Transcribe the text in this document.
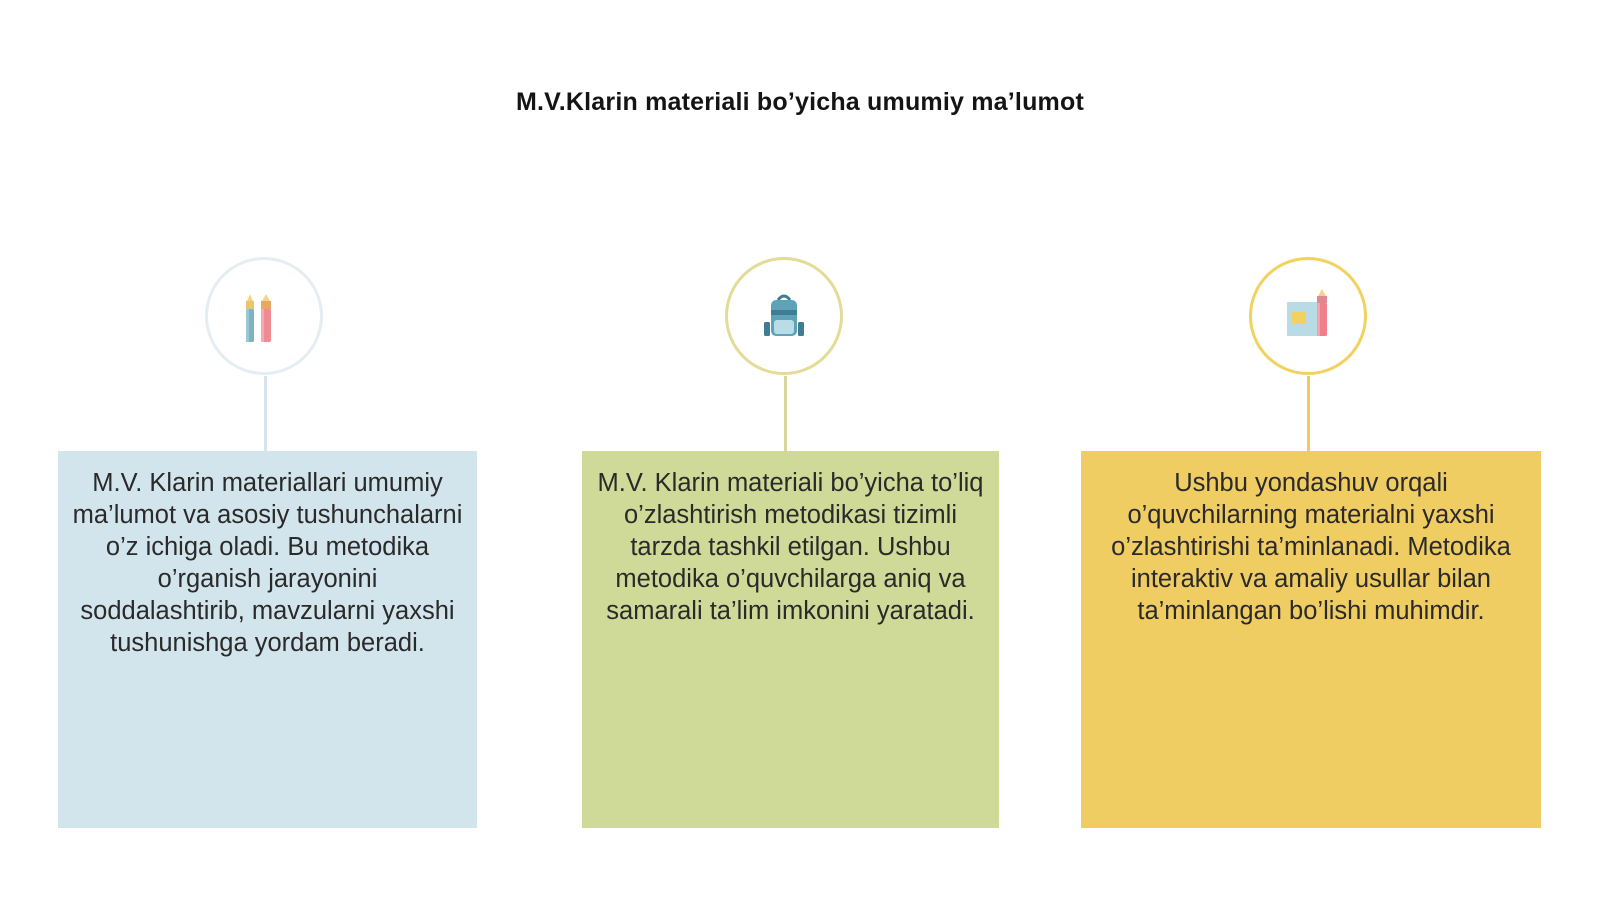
M.V.Klarin materiali bo’yicha umumiy ma’lumot
M.V. Klarin materiallari umumiy ma’lumot va asosiy tushunchalarni o’z ichiga oladi. Bu metodika o’rganish jarayonini soddalashtirib, mavzularni yaxshi tushunishga yordam beradi.
M.V. Klarin materiali bo’yicha to’liq o’zlashtirish metodikasi tizimli tarzda tashkil etilgan. Ushbu metodika o’quvchilarga aniq va samarali ta’lim imkonini yaratadi.
Ushbu yondashuv orqali o’quvchilarning materialni yaxshi o’zlashtirishi ta’minlanadi. Metodika interaktiv va amaliy usullar bilan ta’minlangan bo’lishi muhimdir.
